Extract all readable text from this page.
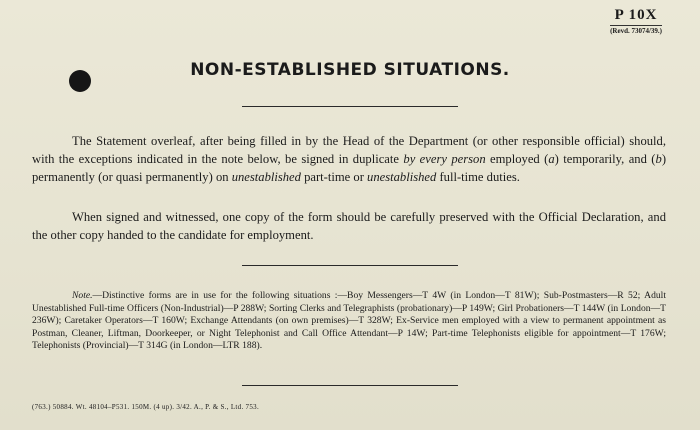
P 10X
(Revd. 73074/39.)
NON-ESTABLISHED SITUATIONS.

The Statement overleaf, after being filled in by the Head of the Department (or other responsible official) should, with the exceptions indicated in the note below, be signed in duplicate by every person employed (a) temporarily, and (b) permanently (or quasi permanently) on unestablished part-time or unestablished full-time duties.

When signed and witnessed, one copy of the form should be carefully preserved with the Official Declaration, and the other copy handed to the candidate for employment.

Note.—Distinctive forms are in use for the following situations :—Boy Messengers—T 4W (in London—T 81W); Sub-Postmasters—R 52; Adult Unestablished Full-time Officers (Non-Industrial)—P 288W; Sorting Clerks and Telegraphists (probationary)—P 149W; Girl Probationers—T 144W (in London—T 236W); Caretaker Operators—T 160W; Exchange Attendants (on own premises)—T 328W; Ex-Service men employed with a view to permanent appointment as Postman, Cleaner, Liftman, Doorkeeper, or Night Telephonist and Call Office Attendant—P 14W; Part-time Telephonists eligible for appointment—T 176W; Telephonists (Provincial)—T 314G (in London—LTR 188).

(763.) 50884. Wt. 48104–P531. 150M. (4 up). 3/42. A., P. & S., Ltd. 753.
